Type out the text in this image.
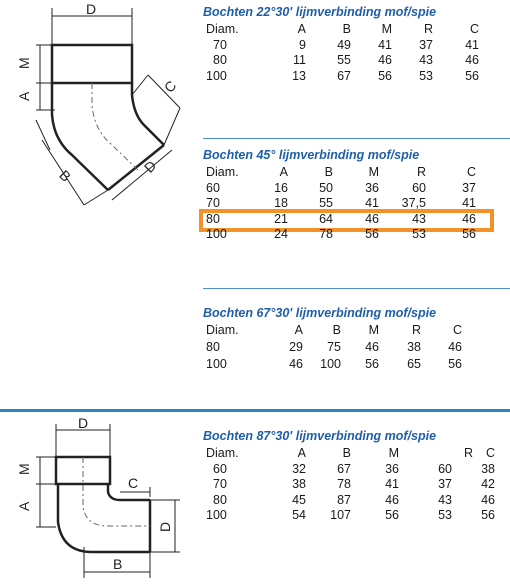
D
M
A
C
B	D
D
M
A
C
D
B
Bochten 22°30' lijmverbinding mof/spie
Diam.	A	B	M	R	C
70	9	49	41	37	41
80	11	55	46	43	46
100	13	67	56	53	56
Bochten 45° lijmverbinding mof/spie
Diam.	A	B	M	R	C
60	16	50	36	60	37
70	18	55	41	37,5	41
80	21	64	46	43	46
100	24	78	56	53	56
Bochten 67°30' lijmverbinding mof/spie
Diam.	A	B	M	R	C
80	29	75	46	38	46
100	46	100	56	65	56
Bochten 87°30' lijmverbinding mof/spie
Diam.	A	B	M	R	C
60	32	67	36	60	38
70	38	78	41	37	42
80	45	87	46	43	46
100	54	107	56	53	56
